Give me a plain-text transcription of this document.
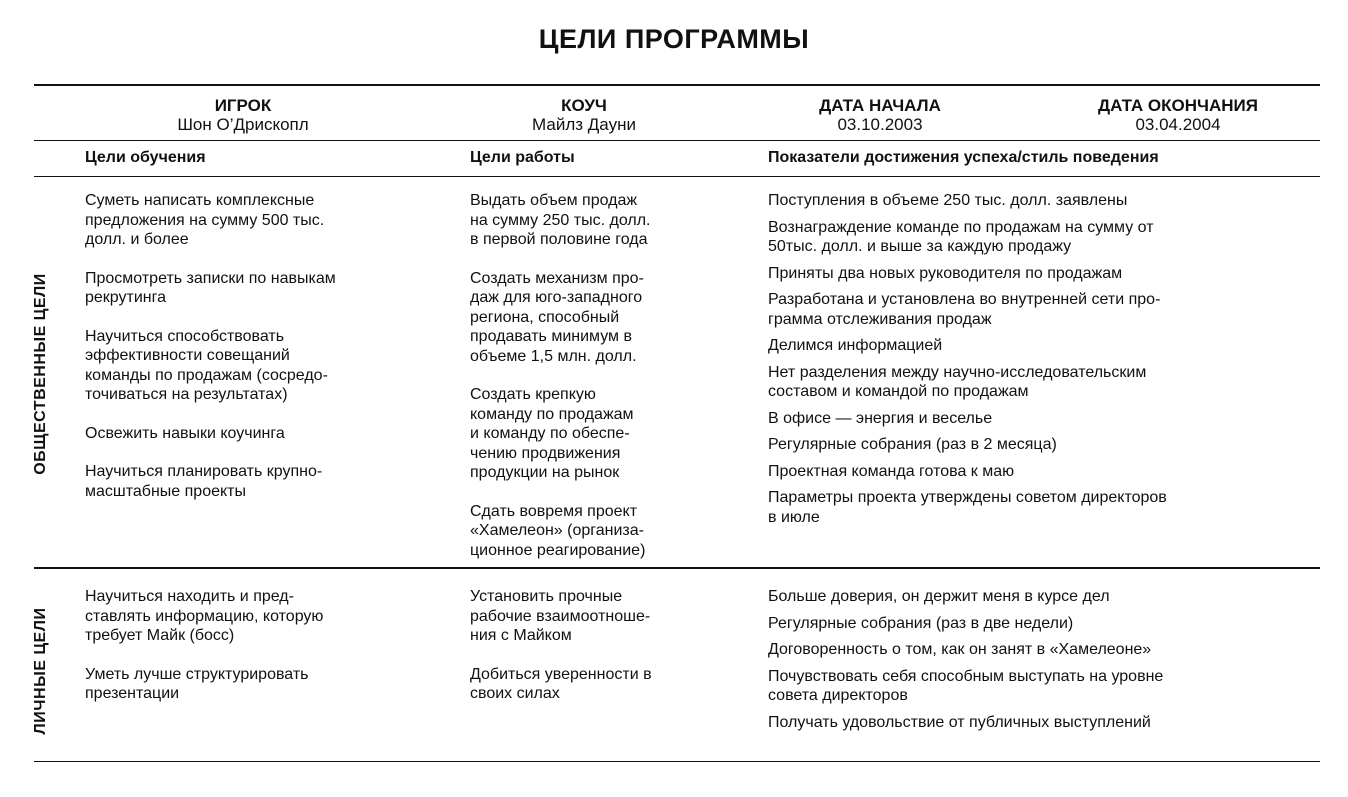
ЦЕЛИ ПРОГРАММЫ
ИГРОК
Шон О’Дрископл
КОУЧ
Майлз Дауни
ДАТА НАЧАЛА
03.10.2003
ДАТА ОКОНЧАНИЯ
03.04.2004
Цели обучения	Цели работы	Показатели достижения успеха/стиль поведения
ОБЩЕСТВЕННЫЕ ЦЕЛИ
Суметь написать комплексные
предложения на сумму 500 тыс.
долл. и более
Просмотреть записки по навыкам
рекрутинга
Научиться способствовать
эффективности совещаний
команды по продажам (сосредо-
точиваться на результатах)
Освежить навыки коучинга
Научиться планировать крупно-
масштабные проекты
Выдать объем продаж
на сумму 250 тыс. долл.
в первой половине года
Создать механизм про-
даж для юго-западного
региона, способный
продавать минимум в
объеме 1,5 млн. долл.
Создать крепкую
команду по продажам
и команду по обеспе-
чению продвижения
продукции на рынок
Сдать вовремя проект
«Хамелеон» (организа-
ционное реагирование)
Поступления в объеме 250 тыс. долл. заявлены
Вознаграждение команде по продажам на сумму от
50тыс. долл. и выше за каждую продажу
Приняты два новых руководителя по продажам
Разработана и установлена во внутренней сети про-
грамма отслеживания продаж
Делимся информацией
Нет разделения между научно-исследовательским
составом и командой по продажам
В офисе — энергия и веселье
Регулярные собрания (раз в 2 месяца)
Проектная команда готова к маю
Параметры проекта утверждены советом директоров
в июле
ЛИЧНЫЕ ЦЕЛИ
Научиться находить и пред-
ставлять информацию, которую
требует Майк (босс)
Уметь лучше структурировать
презентации
Установить прочные
рабочие взаимоотноше-
ния с Майком
Добиться уверенности в
своих силах
Больше доверия, он держит меня в курсе дел
Регулярные собрания (раз в две недели)
Договоренность о том, как он занят в «Хамелеоне»
Почувствовать себя способным выступать на уровне
совета директоров
Получать удовольствие от публичных выступлений
